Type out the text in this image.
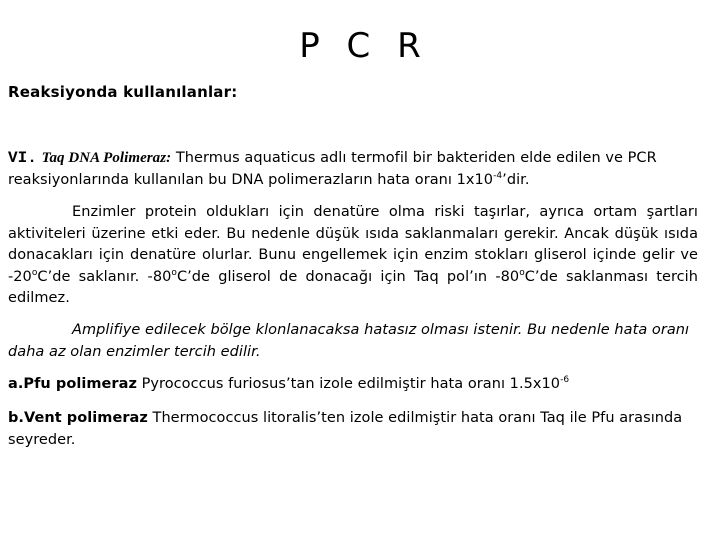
P C R
Reaksiyonda kullanılanlar:
VI. Taq DNA Polimeraz: Thermus aquaticus adlı termofil bir bakteriden elde edilen ve PCR reaksiyonlarında kullanılan bu DNA polimerazların hata oranı $1x10^{-4}’dir$.
Enzimler protein oldukları için denatüre olma riski taşırlar, ayrıca ortam şartları aktiviteleri üzerine etki eder. Bu nedenle düşük ısıda saklanmaları gerekir. Ancak düşük ısıda donacakları için denatüre olurlar. Bunu engellemek için enzim stokları gliserol içinde gelir ve -20$^o$C’de saklanır. -80$^o$C’de gliserol de donacağı için Taq pol’ın -80$^o$C’de saklanması tercih edilmez.
Amplifiye edilecek bölge klonlanacaksa hatasız olması istenir. Bu nedenle hata oranı daha az olan enzimler tercih edilir.
a.Pfu polimeraz Pyrococcus furiosus’tan izole edilmiştir hata oranı $1.5x10^{-6}$
b.Vent polimeraz Thermococcus litoralis’ten izole edilmiştir hata oranı Taq ile Pfu arasında seyreder.
